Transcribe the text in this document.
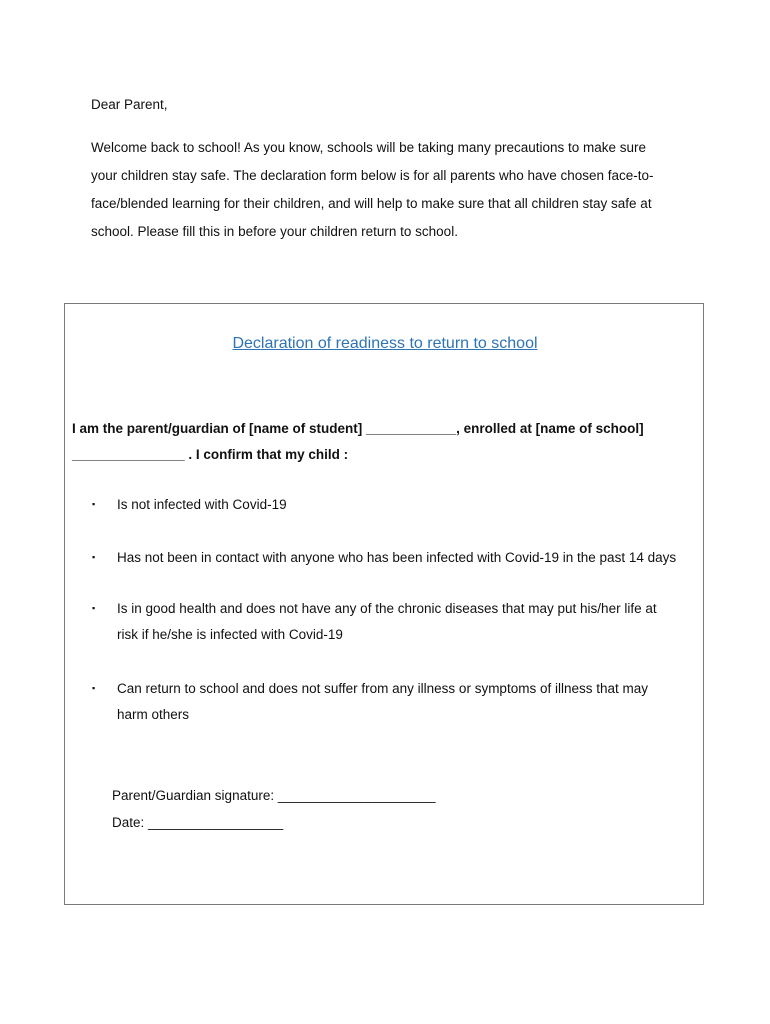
Dear Parent,

Welcome back to school! As you know, schools will be taking many precautions to make sure
your children stay safe. The declaration form below is for all parents who have chosen face-to-
face/blended learning for their children, and will help to make sure that all children stay safe at
school. Please fill this in before your children return to school.

Declaration of readiness to return to school

I am the parent/guardian of [name of student] ____________, enrolled at [name of school]
_______________ . I confirm that my child :

▪	Is not infected with Covid-19
▪	Has not been in contact with anyone who has been infected with Covid-19 in the past 14 days
▪	Is in good health and does not have any of the chronic diseases that may put his/her life at
risk if he/she is infected with Covid-19
▪	Can return to school and does not suffer from any illness or symptoms of illness that may
harm others
Parent/Guardian signature: _____________________
Date: __________________
